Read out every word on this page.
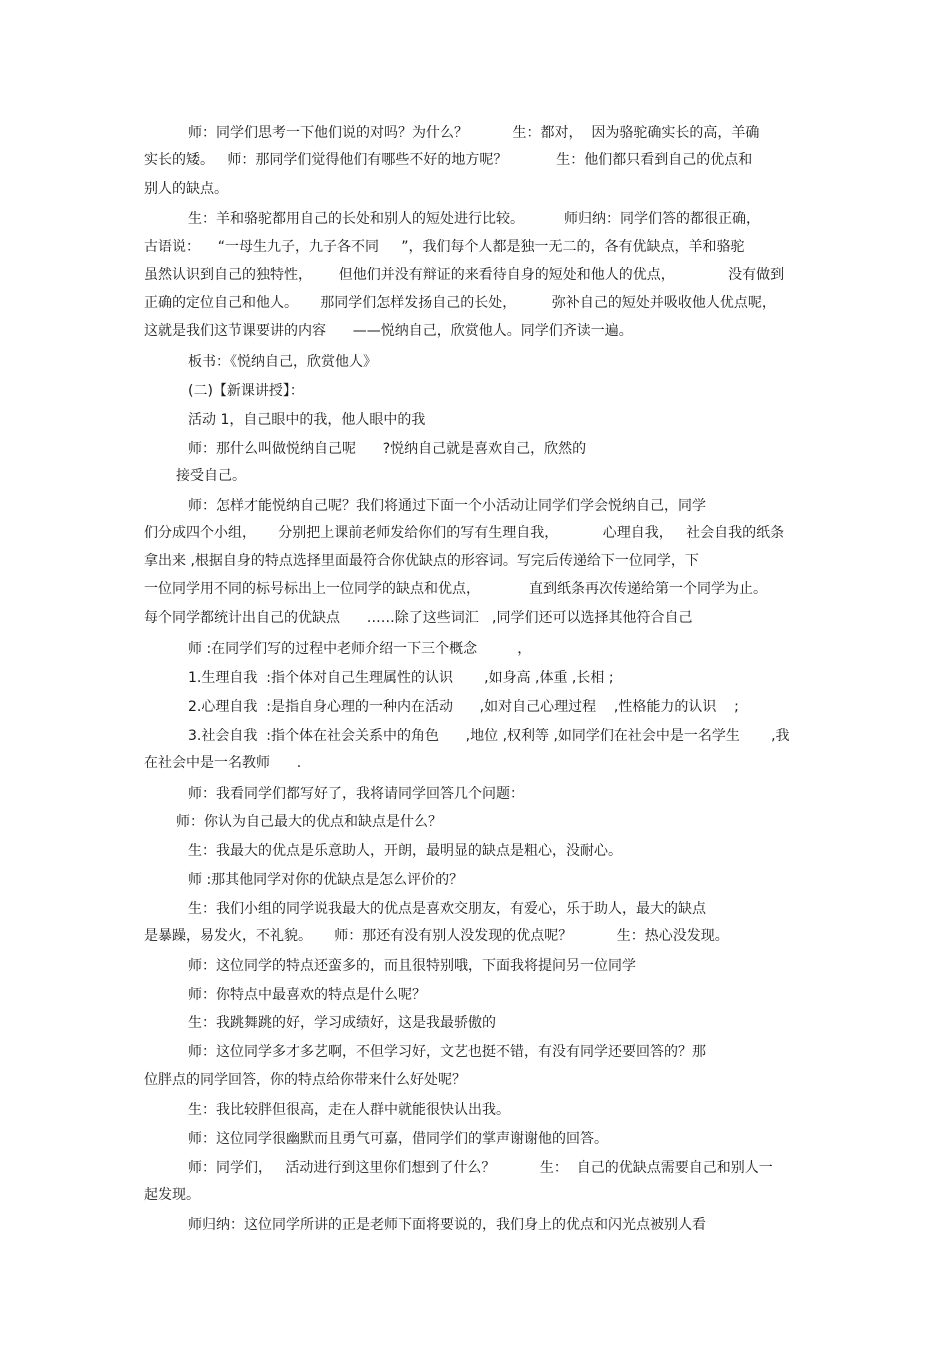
师：同学们思考一下他们说的对吗？为什么？          生：都对，  因为骆驼确实长的高，羊确
实长的矮。   师：那同学们觉得他们有哪些不好的地方呢？           生：他们都只看到自己的优点和
别人的缺点。
生：羊和骆驼都用自己的长处和别人的短处进行比较。         师归纳：同学们答的都很正确，
古语说：    “一母生九子，九子各不同     ”，我们每个人都是独一无二的，各有优缺点，羊和骆驼
虽然认识到自己的独特性，      但他们并没有辩证的来看待自身的短处和他人的优点，            没有做到
正确的定位自己和他人。     那同学们怎样发扬自己的长处，        弥补自己的短处并吸收他人优点呢，
这就是我们这节课要讲的内容      ——悦纳自己，欣赏他人。同学们齐读一遍。
板书：《悦纳自己，欣赏他人》
(二)【新课讲授】：
活动 1，自己眼中的我，他人眼中的我
师：那什么叫做悦纳自己呢      ?悦纳自己就是喜欢自己，欣然的
接受自己。
师：怎样才能悦纳自己呢？我们将通过下面一个小活动让同学们学会悦纳自己，同学
们分成四个小组，     分别把上课前老师发给你们的写有生理自我，          心理自我，   社会自我的纸条
拿出来 ,根据自身的特点选择里面最符合你优缺点的形容词。写完后传递给下一位同学，下
一位同学用不同的标号标出上一位同学的缺点和优点，           直到纸条再次传递给第一个同学为止。
每个同学都统计出自己的优缺点      ……除了这些词汇   ,同学们还可以选择其他符合自己
师 :在同学们写的过程中老师介绍一下三个概念         ，
1.生理自我  :指个体对自己生理属性的认识       ,如身高 ,体重 ,长相 ;
2.心理自我  :是指自身心理的一种内在活动      ,如对自己心理过程    ,性格能力的认识    ;
3.社会自我  :指个体在社会关系中的角色      ,地位 ,权利等 ,如同学们在社会中是一名学生       ,我
在社会中是一名教师      .
师：我看同学们都写好了，我将请同学回答几个问题：
师：你认为自己最大的优点和缺点是什么？
生：我最大的优点是乐意助人，开朗，最明显的缺点是粗心，没耐心。
师 :那其他同学对你的优缺点是怎么评价的？
生：我们小组的同学说我最大的优点是喜欢交朋友，有爱心，乐于助人，最大的缺点
是暴躁，易发火，不礼貌。     师：那还有没有别人没发现的优点呢？          生：热心没发现。
师：这位同学的特点还蛮多的，而且很特别哦，下面我将提问另一位同学
师：你特点中最喜欢的特点是什么呢？
生：我跳舞跳的好，学习成绩好，这是我最骄傲的
师：这位同学多才多艺啊，不但学习好，文艺也挺不错，有没有同学还要回答的？那
位胖点的同学回答，你的特点给你带来什么好处呢？
生：我比较胖但很高，走在人群中就能很快认出我。
师：这位同学很幽默而且勇气可嘉，借同学们的掌声谢谢他的回答。
师：同学们，   活动进行到这里你们想到了什么？          生：  自己的优缺点需要自己和别人一
起发现。
师归纳：这位同学所讲的正是老师下面将要说的，我们身上的优点和闪光点被别人看
